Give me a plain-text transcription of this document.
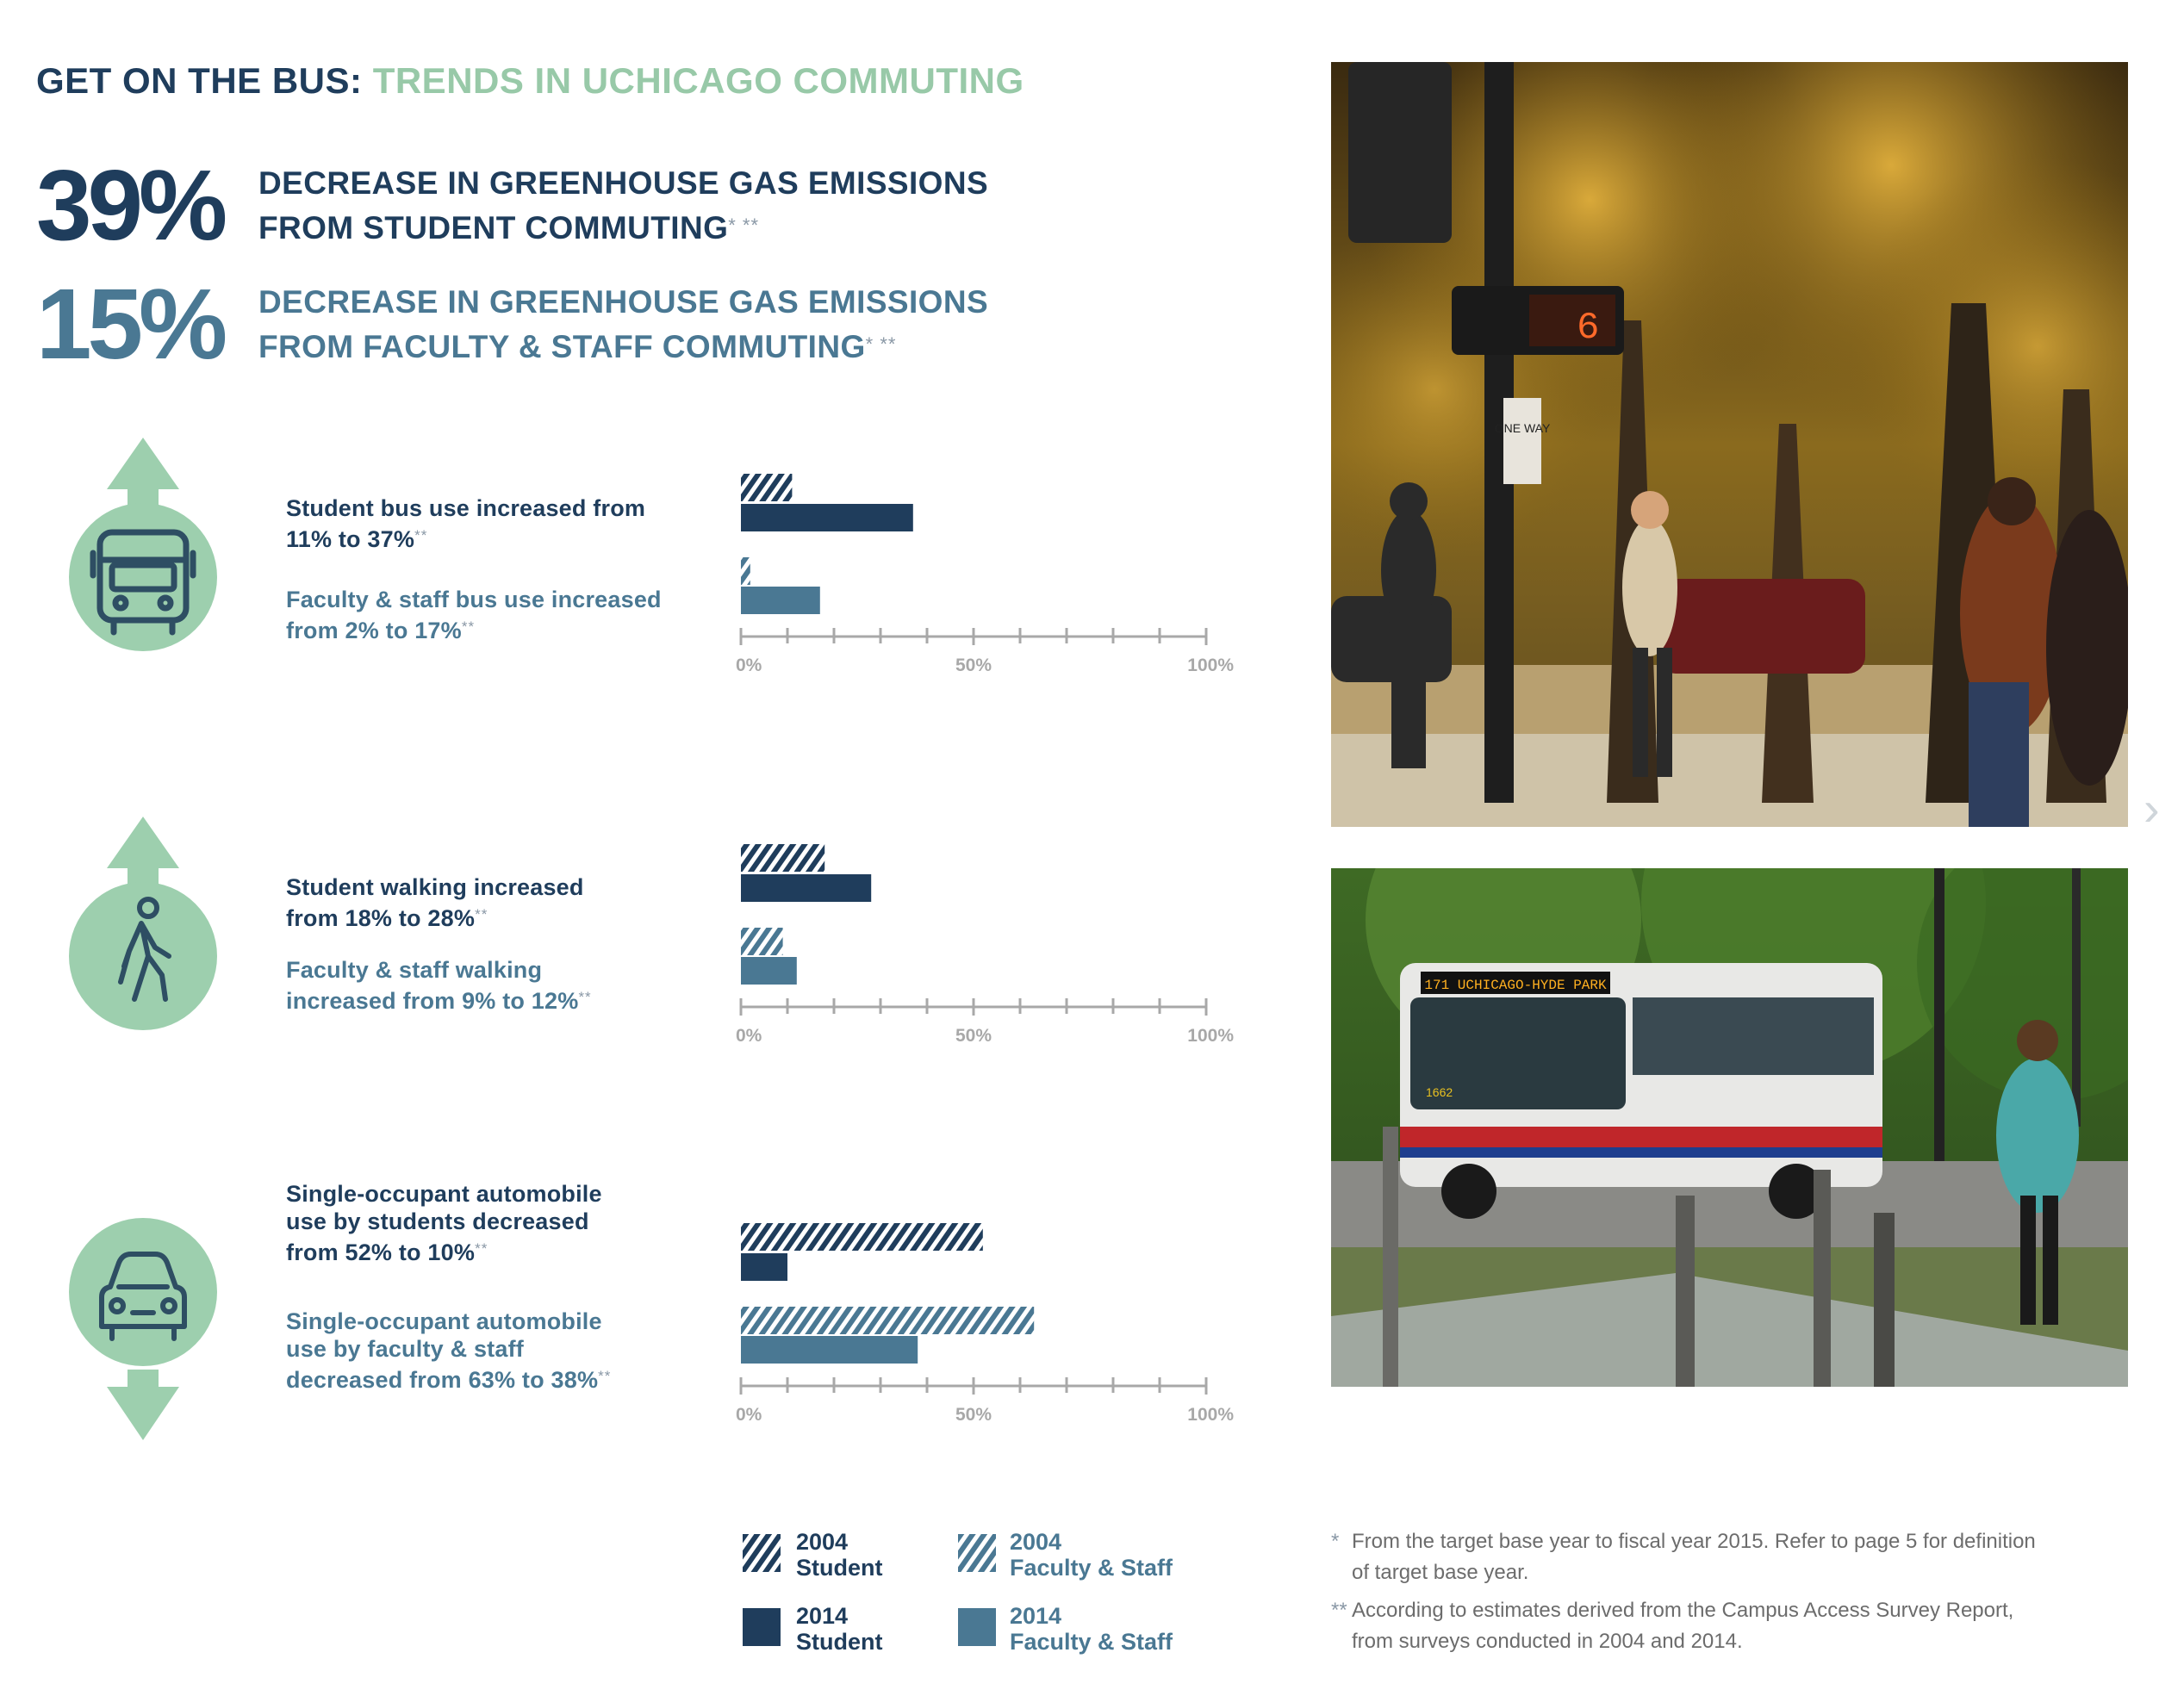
GET ON THE BUS: TRENDS IN UCHICAGO COMMUTING
39% DECREASE IN GREENHOUSE GAS EMISSIONS
FROM STUDENT COMMUTING* **
15% DECREASE IN GREENHOUSE GAS EMISSIONS
FROM FACULTY & STAFF COMMUTING* **
Student bus use increased from 11% to 37%**
Faculty & staff bus use increased from 2% to 17%**
Student walking increased from 18% to 28%**
Faculty & staff walking increased from 9% to 12%**
Single-occupant automobile use by students decreased from 52% to 10%**
Single-occupant automobile use by faculty & staff decreased from 63% to 38%**
0%	50%	100%
0%	50%	100%
0%	50%	100%
2004
Student
2004
Faculty & Staff
2014
Student
2014
Faculty & Staff
* From the target base year to fiscal year 2015. Refer to page 5 for definition
of target base year.
** According to estimates derived from the Campus Access Survey Report,
from surveys conducted in 2004 and 2014.
6
ONE WAY
171 UCHICAGO-HYDE PARK
1662
›
